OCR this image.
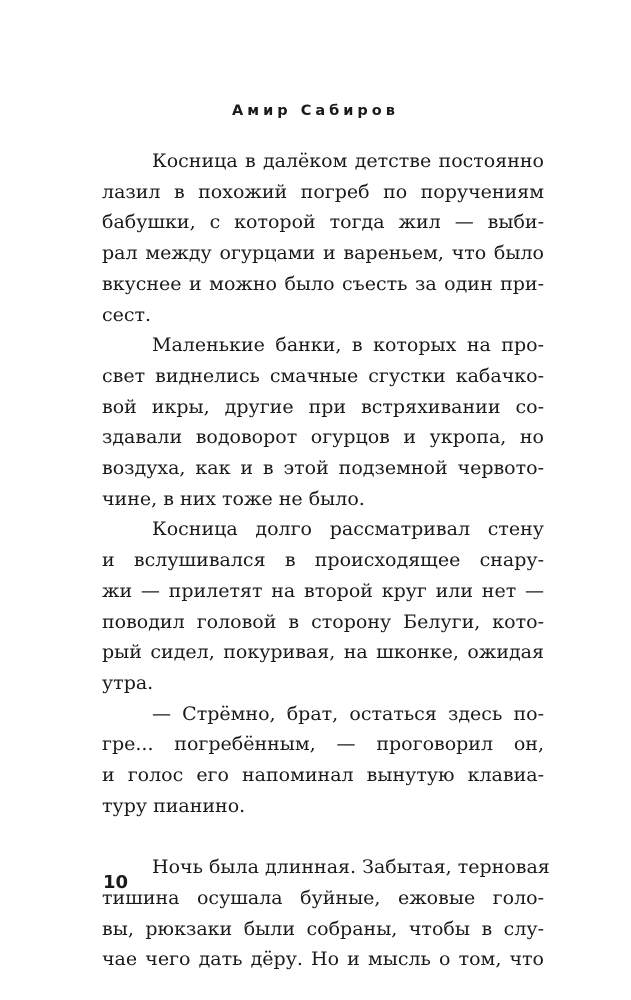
Амир Сабиров

Косница в далёком детстве постоянно
лазил в похожий погреб по поручениям
бабушки, с которой тогда жил — выби-
рал между огурцами и вареньем, что было
вкуснее и можно было съесть за один при-
сест.

Маленькие банки, в которых на про-
свет виднелись смачные сгустки кабачко-
вой икры, другие при встряхивании со-
здавали водоворот огурцов и укропа, но
воздуха, как и в этой подземной червото-
чине, в них тоже не было.

Косница долго рассматривал стену
и вслушивался в происходящее снару-
жи — прилетят на второй круг или нет —
поводил головой в сторону Белуги, кото-
рый сидел, покуривая, на шконке, ожидая
утра.

— Стрёмно, брат, остаться здесь по-
гре... погребённым, — проговорил он,
и голос его напоминал вынутую клавиа-
туру пианино.

Ночь была длинная. Забытая, терновая
тишина осушала буйные, ежовые голо-
вы, рюкзаки были собраны, чтобы в слу-
чае чего дать дёру. Но и мысль о том, что

10
